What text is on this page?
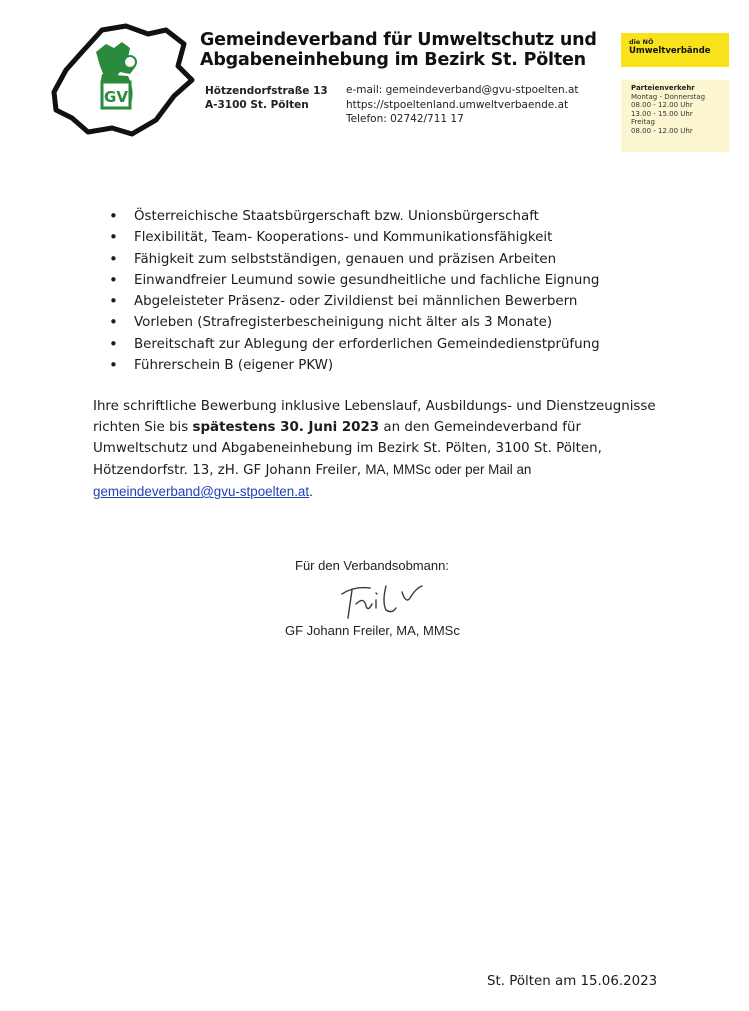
GV
Gemeindeverband für Umweltschutz und
Abgabeneinhebung im Bezirk St. Pölten
Hötzendorfstraße 13
A-3100 St. Pölten
e-mail: gemeindeverband@gvu-stpoelten.at
https://stpoeltenland.umweltverbaende.at
Telefon: 02742/711 17
die NÖ
Umweltverbände
Parteienverkehr
Montag - Donnerstag
08.00 - 12.00 Uhr
13.00 - 15.00 Uhr
Freitag
08.00 - 12.00 Uhr
• Österreichische Staatsbürgerschaft bzw. Unionsbürgerschaft
• Flexibilität, Team- Kooperations- und Kommunikationsfähigkeit
• Fähigkeit zum selbstständigen, genauen und präzisen Arbeiten
• Einwandfreier Leumund sowie gesundheitliche und fachliche Eignung
• Abgeleisteter Präsenz- oder Zivildienst bei männlichen Bewerbern
• Vorleben (Strafregisterbescheinigung nicht älter als 3 Monate)
• Bereitschaft zur Ablegung der erforderlichen Gemeindedienstprüfung
• Führerschein B (eigener PKW)
Ihre schriftliche Bewerbung inklusive Lebenslauf, Ausbildungs- und Dienstzeugnisse
richten Sie bis spätestens 30. Juni 2023 an den Gemeindeverband für
Umweltschutz und Abgabeneinhebung im Bezirk St. Pölten, 3100 St. Pölten,
Hötzendorfstr. 13, zH. GF Johann Freiler, MA, MMSc oder per Mail an
gemeindeverband@gvu-stpoelten.at.
Für den Verbandsobmann:
GF Johann Freiler, MA, MMSc
St. Pölten am 15.06.2023
